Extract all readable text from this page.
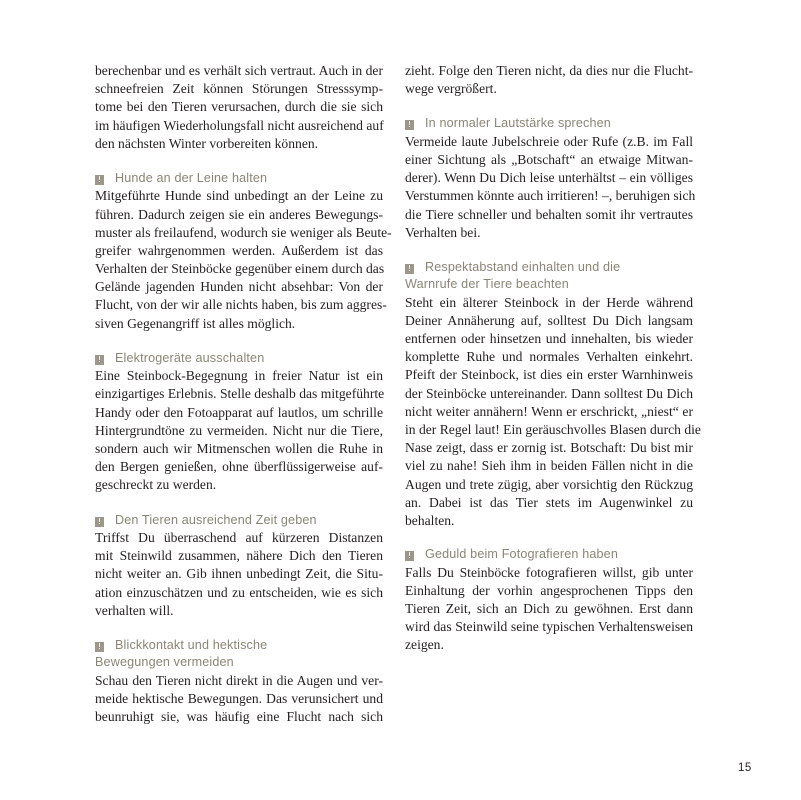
berechenbar und es verhält sich vertraut. Auch in der
schneefreien Zeit können Störungen Stresssymp-
tome bei den Tieren verursachen, durch die sie sich
im häufigen Wiederholungsfall nicht ausreichend auf
den nächsten Winter vorbereiten können.

! Hunde an der Leine halten

Mitgeführte Hunde sind unbedingt an der Leine zu
führen. Dadurch zeigen sie ein anderes Bewegungs-
muster als freilaufend, wodurch sie weniger als Beute-
greifer wahrgenommen werden. Außerdem ist das
Verhalten der Steinböcke gegenüber einem durch das
Gelände jagenden Hunden nicht absehbar: Von der
Flucht, von der wir alle nichts haben, bis zum aggres-
siven Gegenangriff ist alles möglich.

! Elektrogeräte ausschalten

Eine Steinbock-Begegnung in freier Natur ist ein
einzigartiges Erlebnis. Stelle deshalb das mitgeführte
Handy oder den Fotoapparat auf lautlos, um schrille
Hintergrundtöne zu vermeiden. Nicht nur die Tiere,
sondern auch wir Mitmenschen wollen die Ruhe in
den Bergen genießen, ohne überflüssigerweise auf-
geschreckt zu werden.

! Den Tieren ausreichend Zeit geben

Triffst Du überraschend auf kürzeren Distanzen
mit Steinwild zusammen, nähere Dich den Tieren
nicht weiter an. Gib ihnen unbedingt Zeit, die Situ-
ation einzuschätzen und zu entscheiden, wie es sich
verhalten will.

! Blickkontakt und hektische
Bewegungen vermeiden

Schau den Tieren nicht direkt in die Augen und ver-
meide hektische Bewegungen. Das verunsichert und
beunruhigt sie, was häufig eine Flucht nach sich

zieht. Folge den Tieren nicht, da dies nur die Flucht-
wege vergrößert.

! In normaler Lautstärke sprechen

Vermeide laute Jubelschreie oder Rufe (z.B. im Fall
einer Sichtung als „Botschaft“ an etwaige Mitwan-
derer). Wenn Du Dich leise unterhältst – ein völliges
Verstummen könnte auch irritieren! –, beruhigen sich
die Tiere schneller und behalten somit ihr vertrautes
Verhalten bei.

! Respektabstand einhalten und die
Warnrufe der Tiere beachten

Steht ein älterer Steinbock in der Herde während
Deiner Annäherung auf, solltest Du Dich langsam
entfernen oder hinsetzen und innehalten, bis wieder
komplette Ruhe und normales Verhalten einkehrt.
Pfeift der Steinbock, ist dies ein erster Warnhinweis
der Steinböcke untereinander. Dann solltest Du Dich
nicht weiter annähern! Wenn er erschrickt, „niest“ er
in der Regel laut! Ein geräuschvolles Blasen durch die
Nase zeigt, dass er zornig ist. Botschaft: Du bist mir
viel zu nahe! Sieh ihm in beiden Fällen nicht in die
Augen und trete zügig, aber vorsichtig den Rückzug
an. Dabei ist das Tier stets im Augenwinkel zu
behalten.

! Geduld beim Fotografieren haben

Falls Du Steinböcke fotografieren willst, gib unter
Einhaltung der vorhin angesprochenen Tipps den
Tieren Zeit, sich an Dich zu gewöhnen. Erst dann
wird das Steinwild seine typischen Verhaltensweisen
zeigen.

15
